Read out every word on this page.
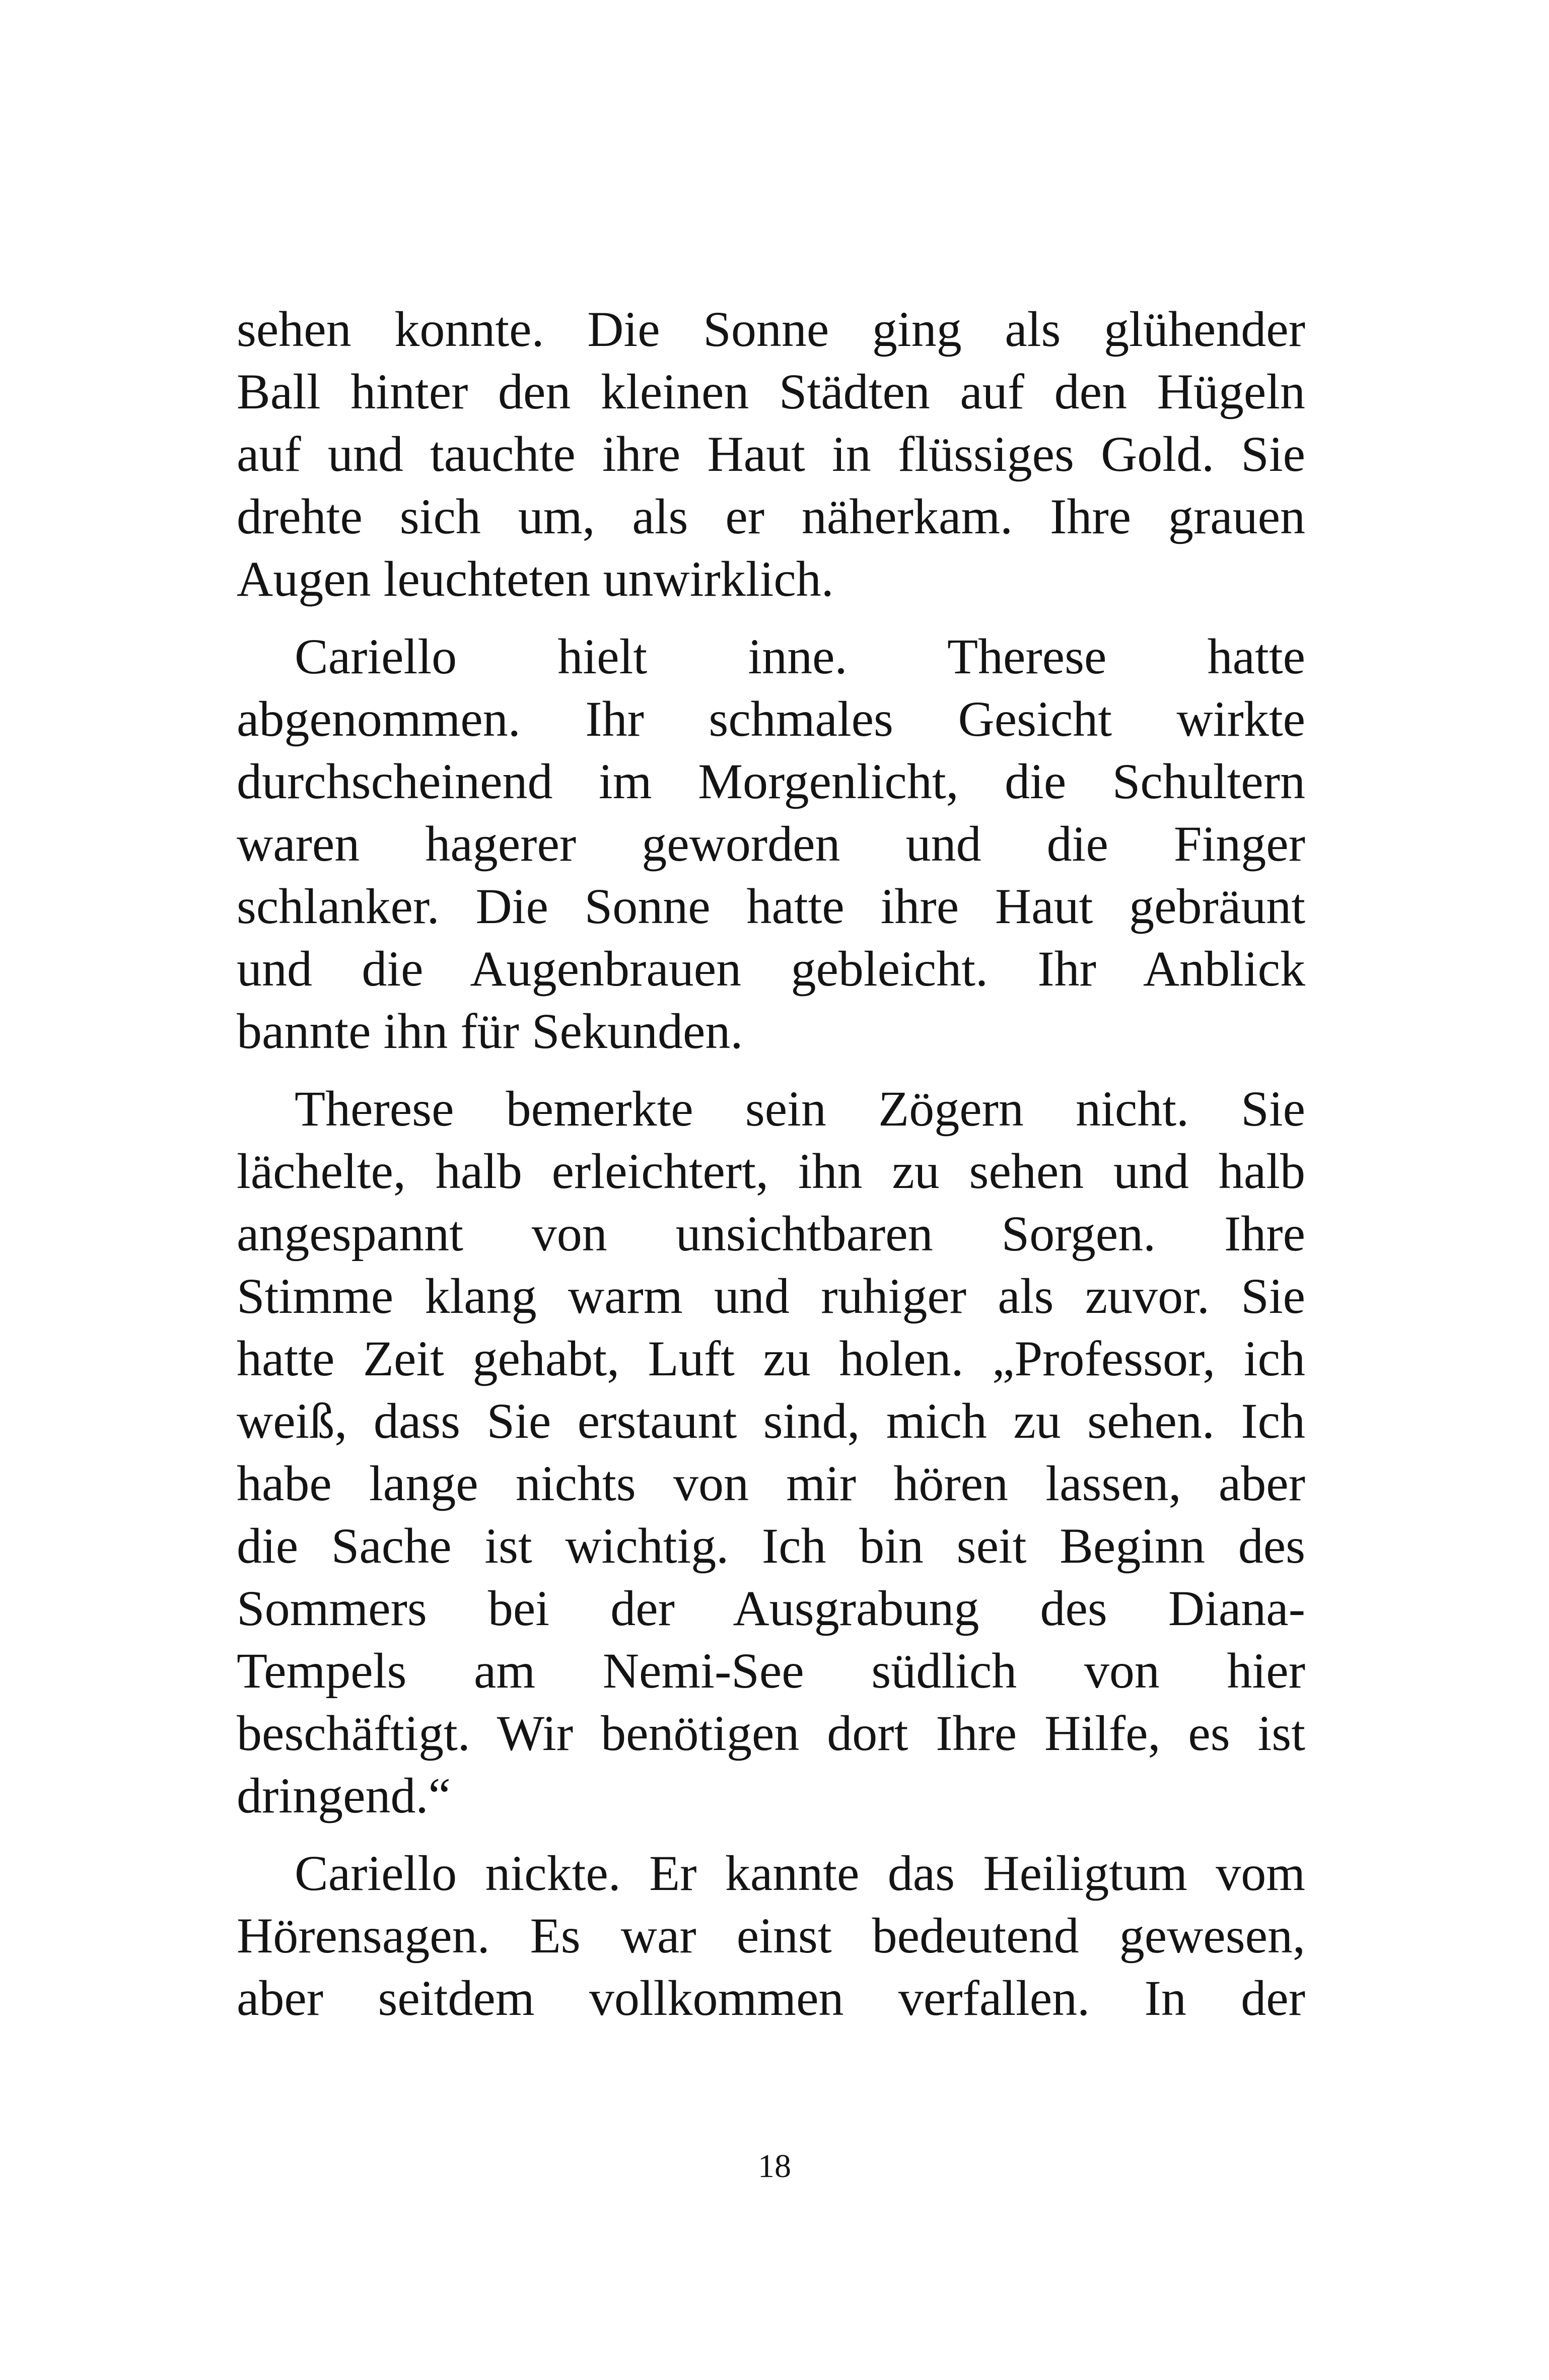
sehen konnte. Die Sonne ging als glühender
Ball hinter den kleinen Städten auf den Hügeln
auf und tauchte ihre Haut in flüssiges Gold. Sie
drehte sich um, als er näherkam. Ihre grauen
Augen leuchteten unwirklich.
Cariello hielt inne. Therese hatte
abgenommen. Ihr schmales Gesicht wirkte
durchscheinend im Morgenlicht, die Schultern
waren hagerer geworden und die Finger
schlanker. Die Sonne hatte ihre Haut gebräunt
und die Augenbrauen gebleicht. Ihr Anblick
bannte ihn für Sekunden.
Therese bemerkte sein Zögern nicht. Sie
lächelte, halb erleichtert, ihn zu sehen und halb
angespannt von unsichtbaren Sorgen. Ihre
Stimme klang warm und ruhiger als zuvor. Sie
hatte Zeit gehabt, Luft zu holen. „Professor, ich
weiß, dass Sie erstaunt sind, mich zu sehen. Ich
habe lange nichts von mir hören lassen, aber
die Sache ist wichtig. Ich bin seit Beginn des
Sommers bei der Ausgrabung des Diana-
Tempels am Nemi-See südlich von hier
beschäftigt. Wir benötigen dort Ihre Hilfe, es ist
dringend.“
Cariello nickte. Er kannte das Heiligtum vom
Hörensagen. Es war einst bedeutend gewesen,
aber seitdem vollkommen verfallen. In der
18
